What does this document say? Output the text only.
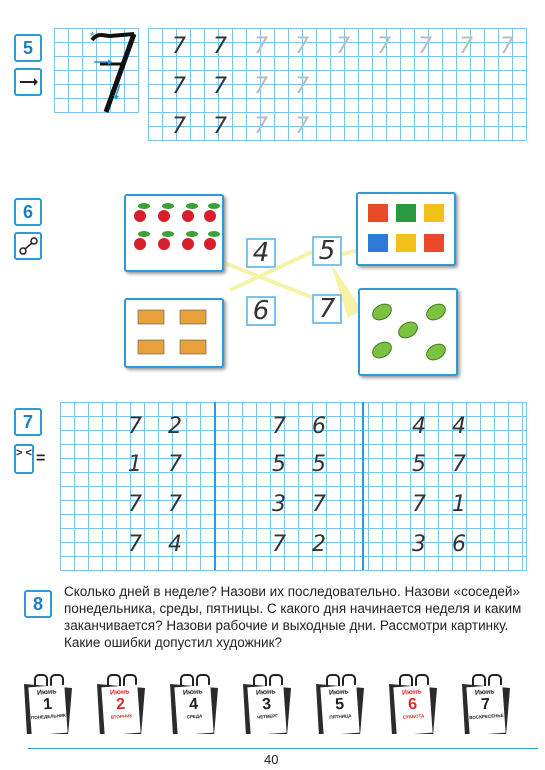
5
*	7 7 7 7 7 7 7 7 7
7 7 7 7
7 7 7 7
6
4 5
6 7
7
> < =
7 2
1 7
7 7
7 4
7 6
5 5
3 7
7 2
4 4
5 7
7 1
3 6
8
Сколько дней в неделе? Назови их последовательно. Назови «соседей»
понедельника, среды, пятницы. С какого дня начинается неделя и каким
заканчивается? Назови рабочие и выходные дни. Рассмотри картинку.
Какие ошибки допустил художник?
Июнь
1
ПОНЕДЕЛЬНИК
Июнь
2
ВТОРНИК
Июнь
4
СРЕДА
Июнь
3
ЧЕТВЕРГ
Июнь
5
ПЯТНИЦА
Июнь
6
СУББОТА
Июнь
7
ВОСКРЕСЕНЬЕ
40
